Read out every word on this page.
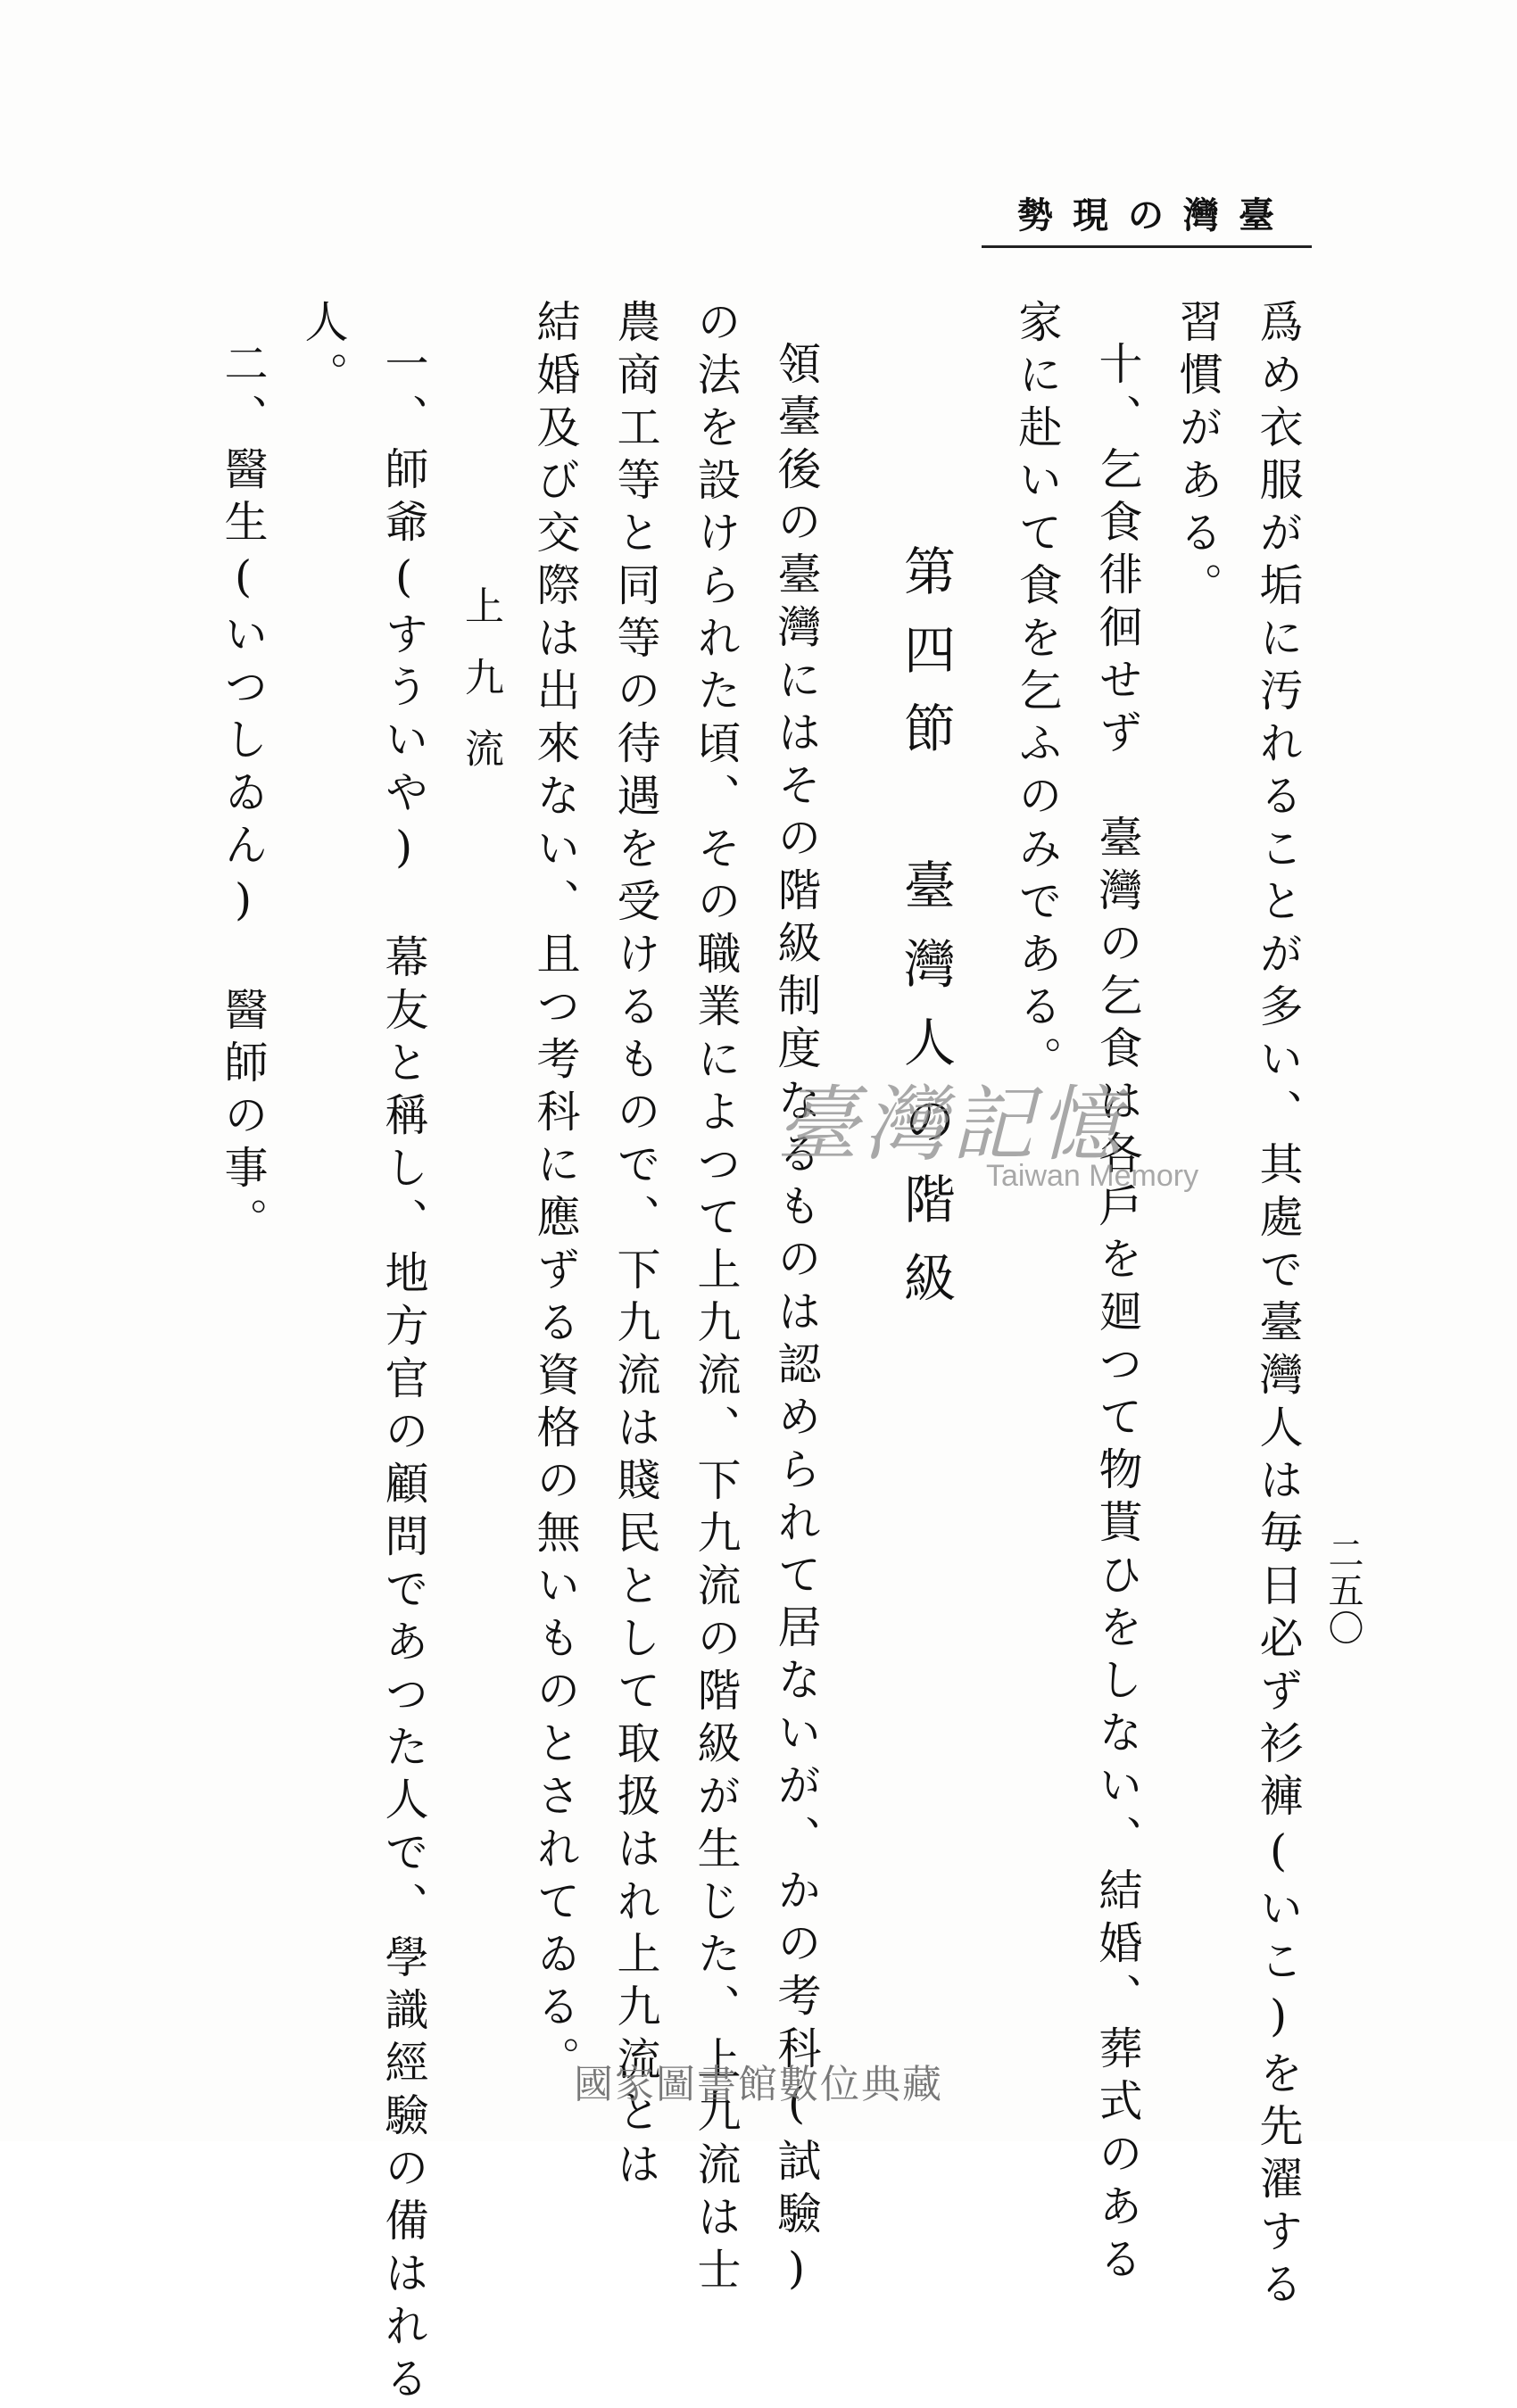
臺灣の現勢
二五〇
爲め衣服が垢に汚れることが多い、其處で臺灣人は毎日必ず衫褲(いこ)を先濯する
習慣がある。
十、乞食徘徊せず　臺灣の乞食は各戶を廻つて物貰ひをしない、結婚、葬式のある
家に赴いて食を乞ふのみである。
第四節　臺灣人の階級
領臺後の臺灣にはその階級制度なるものは認められて居ないが、かの考科(試驗)
の法を設けられた頃、その職業によつて上九流、下九流の階級が生じた、上九流は士
農商工等と同等の待遇を受けるもので、下九流は賤民として取扱はれ上九流とは
結婚及び交際は出來ない、且つ考科に應ずる資格の無いものとされてゐる。
上九流
一、師爺(すういや)　幕友と稱し、地方官の顧問であつた人で、學識經驗の備はれる
人。
二、醫生(いつしゐん)　醫師の事。	臺灣記憶
Taiwan Memory
國家圖書館數位典藏
